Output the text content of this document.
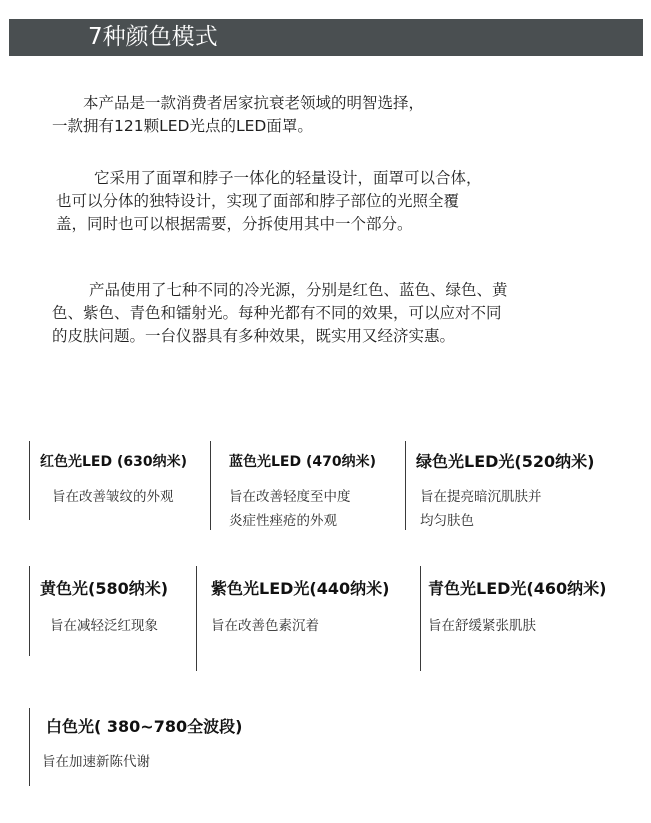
7种颜色模式

本产品是一款消费者居家抗衰老领域的明智选择，
一款拥有121颗LED光点的LED面罩。

它采用了面罩和脖子一体化的轻量设计，面罩可以合体，
也可以分体的独特设计，实现了面部和脖子部位的光照全覆
盖，同时也可以根据需要，分拆使用其中一个部分。

产品使用了七种不同的冷光源，分别是红色、蓝色、绿色、黄
色、紫色、青色和镭射光。每种光都有不同的效果，可以应对不同
的皮肤问题。一台仪器具有多种效果，既实用又经济实惠。

红色光LED (630纳米)
旨在改善皱纹的外观
蓝色光LED (470纳米)
旨在改善轻度至中度
炎症性痤疮的外观
绿色光LED光(520纳米)
旨在提亮暗沉肌肤并
均匀肤色
黄色光(580纳米)
旨在减轻泛红现象
紫色光LED光(440纳米)
旨在改善色素沉着
青色光LED光(460纳米)
旨在舒缓紧张肌肤
白色光( 380~780全波段)
旨在加速新陈代谢
